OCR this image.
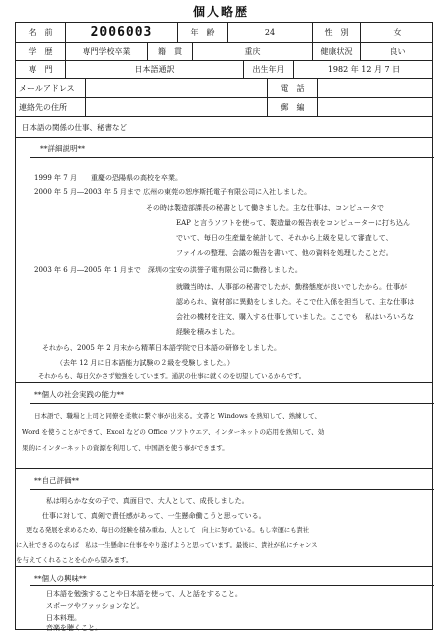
個人略歴
名　前	2006003	年　齢	24	性　別	女
学　歴	専門学校卒業	籍　貫	重庆	健康状況	良い
専　門	日本語通訳	出生年月	1982 年 12 月 7 日
メールアドレス	電　話
連絡先の住所	郵　編
日本語の関係の仕事、秘書など
**詳細説明**
1999 年 7 月　　重慶の恐陽県の高校を卒業。
2000 年 5 月―2003 年 5 月まで 広州の東莞の恕序斯托電子有限公司に入社しました。
その時は製造部課長の秘書として働きました。主な仕事は、コンピュータで
EAP と言うソフトを使って、製造量の報告表をコンピューターに打ち込ん
でいて、毎日の生産量を統計して、それから上級を見して審査して、
ファイルの整理、会議の報告を書いて、他の資料を処理したことだ。
2003 年 6 月―2005 年 1 月まで　深圳の宝安の洪誉子電有限公司に勤務しました。
就職当時は、人事部の秘書でしたが、勤務態度が良いでしたから。仕事が
認められ、資材部に異動をしました。そこで仕入係を担当して、主な仕事は
会社の機材を注文、購入する仕事していました。ここでも　私はいろいろな
経験を積みました。
それから、2005 年 2 月末から精華日本語学院で日本語の研修をしました。
（去年 12 月に日本語能力試験の２級を受験しました。）
それからも、毎日欠かさず勉強をしています。通訳の仕事に就くのを切望しているからです。
**個人の社会実践の能力**
日本語で、職場と上司と同僚を柔軟に繋ぐ事が出来る。文書と Windows を熟知して、熟練して、
Word を使うことができて、Excel などの Office ソフトウエア、インターネットの応用を熟知して、効
果的にインターネットの資源を利用して、中国語を使う事ができます。
**自己評価**
私は明らかな女の子で、真面目で、大人として、成長しました。
仕事に対して、真剣で責任感があって、一生懸命働こうと思っている。
更なる発展を求めるため、毎日の経験を積み重ね、人として　向上に努めている。もし幸運にも貴社
に入社できるのならば　私は一生懸命に仕事をやり遂げようと思っています。最後に、貴社が私にチャンス
を与えてくれることを心から望みます。
**個人の興味**
日本語を勉強することや日本語を使って、人と話をすること。
スポーツやファッションなど。
日本料理。
音楽を聴くこと。
